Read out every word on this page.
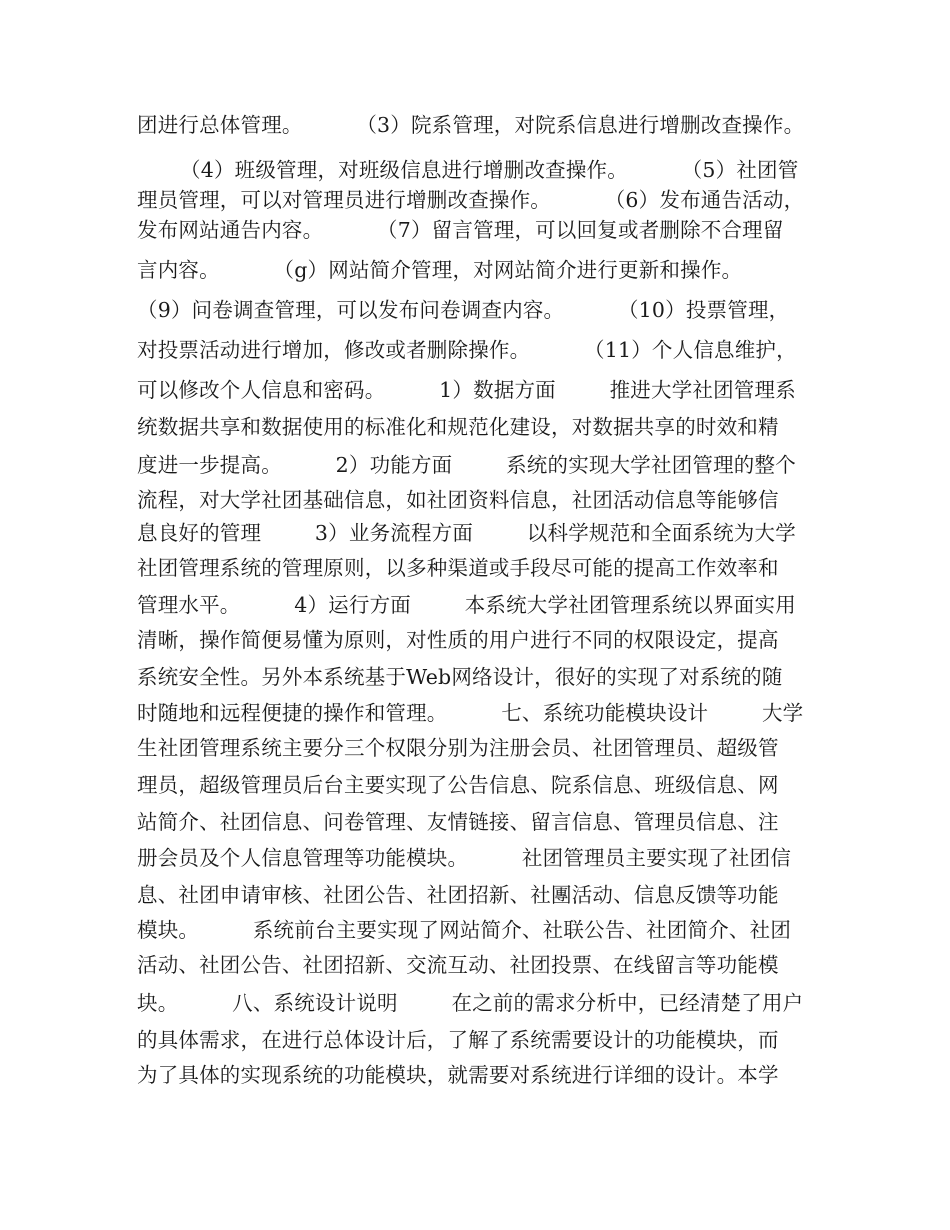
团进行总体管理。        （3）院系管理，对院系信息进行增删改查操作。
（4）班级管理，对班级信息进行增删改查操作。        （5）社团管
理员管理，可以对管理员进行增删改查操作。        （6）发布通告活动，
发布网站通告内容。        （7）留言管理，可以回复或者删除不合理留
言内容。        （g）网站简介管理，对网站简介进行更新和操作。
（9）问卷调查管理，可以发布问卷调查内容。        （10）投票管理，
对投票活动进行增加，修改或者删除操作。        （11）个人信息维护，
可以修改个人信息和密码。        1）数据方面        推进大学社团管理系
统数据共享和数据使用的标准化和规范化建设，对数据共享的时效和精
度进一步提高。        2）功能方面        系统的实现大学社团管理的整个
流程，对大学社团基础信息，如社团资料信息，社团活动信息等能够信
息良好的管理        3）业务流程方面        以科学规范和全面系统为大学
社团管理系统的管理原则，以多种渠道或手段尽可能的提高工作效率和
管理水平。        4）运行方面        本系统大学社团管理系统以界面实用
清晰，操作简便易懂为原则，对性质的用户进行不同的权限设定，提高
系统安全性。另外本系统基于Web网络设计，很好的实现了对系统的随
时随地和远程便捷的操作和管理。        七、系统功能模块设计        大学
生社团管理系统主要分三个权限分别为注册会员、社团管理员、超级管
理员，超级管理员后台主要实现了公告信息、院系信息、班级信息、网
站简介、社团信息、问卷管理、友情链接、留言信息、管理员信息、注
册会员及个人信息管理等功能模块。        社团管理员主要实现了社团信
息、社团申请审核、社团公告、社团招新、社團活动、信息反馈等功能
模块。        系统前台主要实现了网站简介、社联公告、社团简介、社团
活动、社团公告、社团招新、交流互动、社团投票、在线留言等功能模
块。        八、系统设计说明        在之前的需求分析中，已经清楚了用户
的具体需求，在进行总体设计后，了解了系统需要设计的功能模块，而
为了具体的实现系统的功能模块，就需要对系统进行详细的设计。本学
